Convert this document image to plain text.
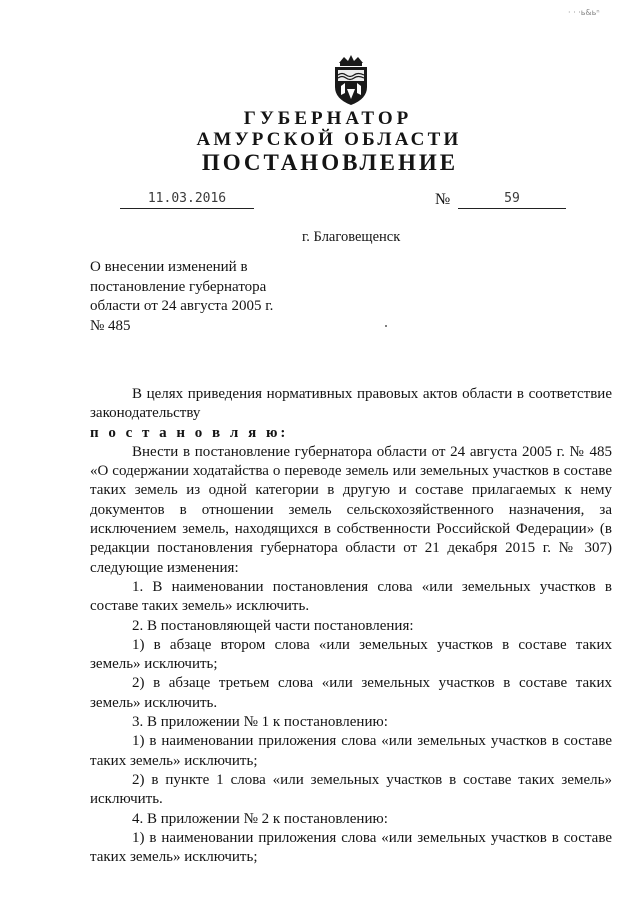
· · ·ь&ьⁿ
ГУБЕРНАТОР
АМУРСКОЙ ОБЛАСТИ
ПОСТАНОВЛЕНИЕ
11.03.2016	№	59
г. Благовещенск
О внесении изменений в
постановление губернатора
области от 24 августа 2005 г.
№ 485
В целях приведения нормативных правовых актов области в соответствие
законодательству
п о с т а н о в л я ю:
Внести в постановление губернатора области от 24 августа 2005 г. № 485 «О содержании ходатайства о переводе земель или земельных участков в составе таких земель из одной категории в другую и составе прилагаемых к нему документов в отношении земель сельскохозяйственного назначения, за исключением земель, находящихся в собственности Российской Федерации» (в редакции постановления губернатора области от 21 декабря 2015 г. № 307) следующие изменения:
1. В наименовании постановления слова «или земельных участков в составе таких земель» исключить.
2. В постановляющей части постановления:
1) в абзаце втором слова «или земельных участков в составе таких земель» исключить;
2) в абзаце третьем слова «или земельных участков в составе таких земель» исключить.
3. В приложении № 1 к постановлению:
1) в наименовании приложения слова «или земельных участков в составе таких земель» исключить;
2) в пункте 1 слова «или земельных участков в составе таких земель» исключить.
4. В приложении № 2 к постановлению:
1) в наименовании приложения слова «или земельных участков в составе таких земель» исключить;
